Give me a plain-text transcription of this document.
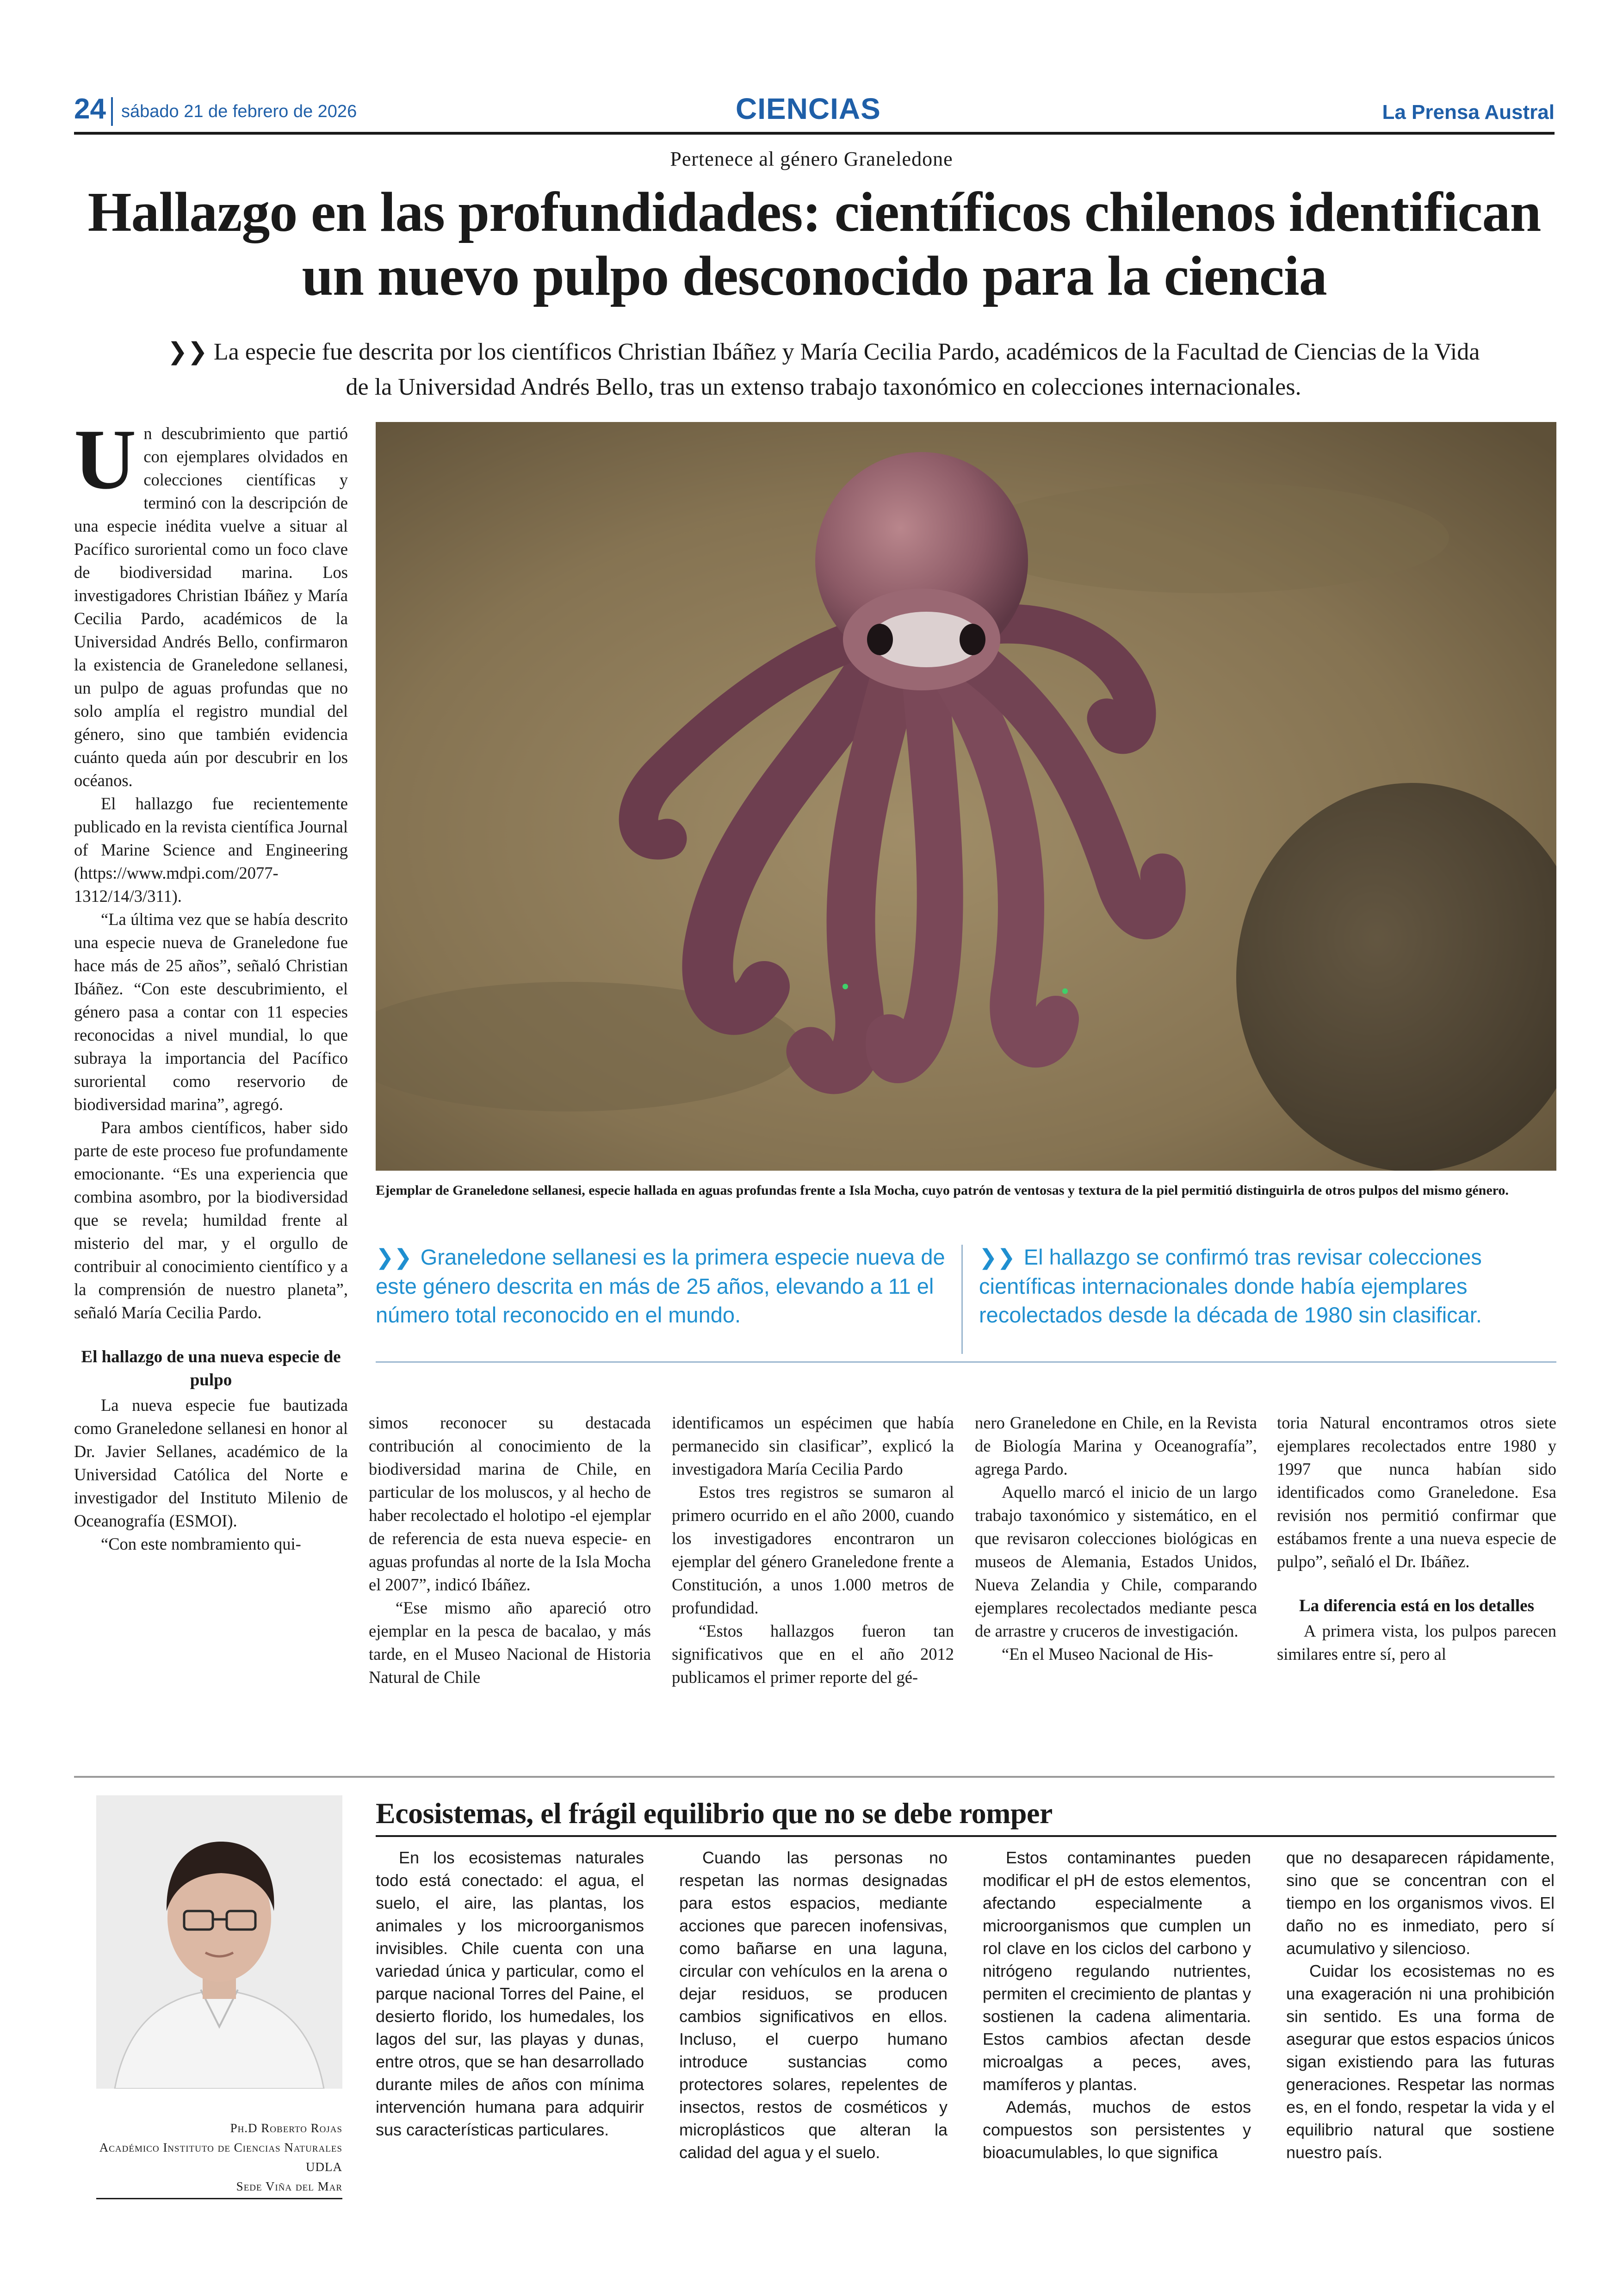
24 sábado 21 de febrero de 2026	CIENCIAS	La Prensa Austral
Pertenece al género Graneledone
Hallazgo en las profundidades: científicos chilenos identifican un nuevo pulpo desconocido para la ciencia
❯❯ La especie fue descrita por los científicos Christian Ibáñez y María Cecilia Pardo, académicos de la Facultad de Ciencias de la Vida de la Universidad Andrés Bello, tras un extenso trabajo taxonómico en colecciones internacionales.

Un descubrimiento que partió con ejemplares olvidados en colecciones científicas y terminó con la descripción de una especie inédita vuelve a situar al Pacífico suroriental como un foco clave de biodiversidad marina. Los investigadores Christian Ibáñez y María Cecilia Pardo, académicos de la Universidad Andrés Bello, confirmaron la existencia de Graneledone sellanesi, un pulpo de aguas profundas que no solo amplía el registro mundial del género, sino que también evidencia cuánto queda aún por descubrir en los océanos.

El hallazgo fue recientemente publicado en la revista científica Journal of Marine Science and Engineering (https://www.mdpi.com/2077-1312/14/3/311).

“La última vez que se había descrito una especie nueva de Graneledone fue hace más de 25 años”, señaló Christian Ibáñez. “Con este descubrimiento, el género pasa a contar con 11 especies reconocidas a nivel mundial, lo que subraya la importancia del Pacífico suroriental como reservorio de biodiversidad marina”, agregó.

Para ambos científicos, haber sido parte de este proceso fue profundamente emocionante. “Es una experiencia que combina asombro, por la biodiversidad que se revela; humildad frente al misterio del mar, y el orgullo de contribuir al conocimiento científico y a la comprensión de nuestro planeta”, señaló María Cecilia Pardo.

El hallazgo de una nueva especie de pulpo

La nueva especie fue bautizada como Graneledone sellanesi en honor al Dr. Javier Sellanes, académico de la Universidad Católica del Norte e investigador del Instituto Milenio de Oceanografía (ESMOI).

“Con este nombramiento qui-

Ejemplar de Graneledone sellanesi, especie hallada en aguas profundas frente a Isla Mocha, cuyo patrón de ventosas y textura de la piel permitió distinguirla de otros pulpos del mismo género.
❯❯ Graneledone sellanesi es la primera especie nueva de este género descrita en más de 25 años, elevando a 11 el número total reconocido en el mundo.
❯❯ El hallazgo se confirmó tras revisar colecciones científicas internacionales donde había ejemplares recolectados desde la década de 1980 sin clasificar.

simos reconocer su destacada contribución al conocimiento de la biodiversidad marina de Chile, en particular de los moluscos, y al hecho de haber recolectado el holotipo -el ejemplar de referencia de esta nueva especie- en aguas profundas al norte de la Isla Mocha el 2007”, indicó Ibáñez.

“Ese mismo año apareció otro ejemplar en la pesca de bacalao, y más tarde, en el Museo Nacional de Historia Natural de Chile

identificamos un espécimen que había permanecido sin clasificar”, explicó la investigadora María Cecilia Pardo

Estos tres registros se sumaron al primero ocurrido en el año 2000, cuando los investigadores encontraron un ejemplar del género Graneledone frente a Constitución, a unos 1.000 metros de profundidad.

“Estos hallazgos fueron tan significativos que en el año 2012 publicamos el primer reporte del gé-

nero Graneledone en Chile, en la Revista de Biología Marina y Oceanografía”, agrega Pardo.

Aquello marcó el inicio de un largo trabajo taxonómico y sistemático, en el que revisaron colecciones biológicas en museos de Alemania, Estados Unidos, Nueva Zelandia y Chile, comparando ejemplares recolectados mediante pesca de arrastre y cruceros de investigación.

“En el Museo Nacional de His-

toria Natural encontramos otros siete ejemplares recolectados entre 1980 y 1997 que nunca habían sido identificados como Graneledone. Esa revisión nos permitió confirmar que estábamos frente a una nueva especie de pulpo”, señaló el Dr. Ibáñez.

La diferencia está en los detalles

A primera vista, los pulpos parecen similares entre sí, pero al

Ph.D Roberto Rojas
Académico Instituto de Ciencias Naturales UDLA
Sede Viña del Mar
Ecosistemas, el frágil equilibrio que no se debe romper

En los ecosistemas naturales todo está conectado: el agua, el suelo, el aire, las plantas, los animales y los microorganismos invisibles. Chile cuenta con una variedad única y particular, como el parque nacional Torres del Paine, el desierto florido, los humedales, los lagos del sur, las playas y dunas, entre otros, que se han desarrollado durante miles de años con mínima intervención humana para adquirir sus características particulares.

Cuando las personas no respetan las normas designadas para estos espacios, mediante acciones que parecen inofensivas, como bañarse en una laguna, circular con vehículos en la arena o dejar residuos, se producen cambios significativos en ellos. Incluso, el cuerpo humano introduce sustancias como protectores solares, repelentes de insectos, restos de cosméticos y microplásticos que alteran la calidad del agua y el suelo.

Estos contaminantes pueden modificar el pH de estos elementos, afectando especialmente a microorganismos que cumplen un rol clave en los ciclos del carbono y nitrógeno regulando nutrientes, permiten el crecimiento de plantas y sostienen la cadena alimentaria. Estos cambios afectan desde microalgas a peces, aves, mamíferos y plantas.

Además, muchos de estos compuestos son persistentes y bioacumulables, lo que significa

que no desaparecen rápidamente, sino que se concentran con el tiempo en los organismos vivos. El daño no es inmediato, pero sí acumulativo y silencioso.

Cuidar los ecosistemas no es una exageración ni una prohibición sin sentido. Es una forma de asegurar que estos espacios únicos sigan existiendo para las futuras generaciones. Respetar las normas es, en el fondo, respetar la vida y el equilibrio natural que sostiene nuestro país.
